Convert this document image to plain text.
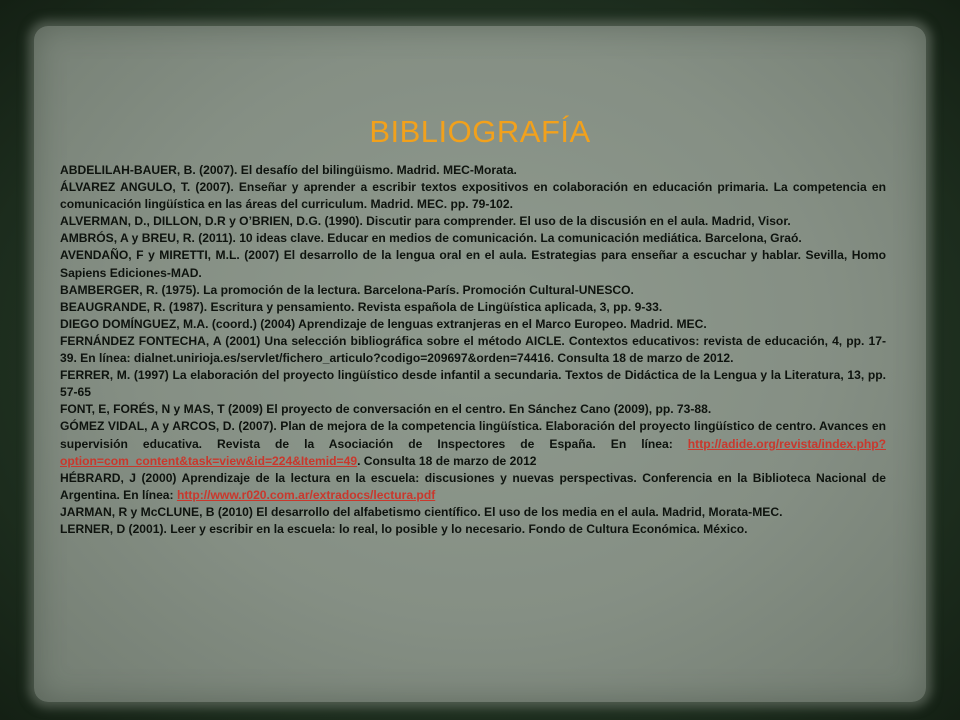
BIBLIOGRAFÍA

ABDELILAH-BAUER, B. (2007). El desafío del bilingüismo. Madrid. MEC-Morata.

ÁLVAREZ ANGULO, T. (2007). Enseñar y aprender a escribir textos expositivos en colaboración en educación primaria. La competencia en comunicación lingüística en las áreas del curriculum. Madrid. MEC. pp. 79-102.

ALVERMAN, D., DILLON, D.R y O’BRIEN, D.G. (1990). Discutir para comprender. El uso de la discusión en el aula. Madrid, Visor.

AMBRÓS, A y BREU, R. (2011). 10 ideas clave. Educar en medios de comunicación. La comunicación mediática. Barcelona, Graó.

AVENDAÑO, F y MIRETTI, M.L. (2007) El desarrollo de la lengua oral en el aula. Estrategias para enseñar a escuchar y hablar. Sevilla, Homo Sapiens Ediciones-MAD.

BAMBERGER, R. (1975). La promoción de la lectura. Barcelona-París. Promoción Cultural-UNESCO.

BEAUGRANDE, R. (1987). Escritura y pensamiento. Revista española de Lingüística aplicada, 3, pp. 9-33.

DIEGO DOMÍNGUEZ, M.A. (coord.) (2004) Aprendizaje de lenguas extranjeras en el Marco Europeo. Madrid. MEC.

FERNÁNDEZ FONTECHA, A (2001) Una selección bibliográfica sobre el método AICLE. Contextos educativos: revista de educación, 4, pp. 17-39. En línea: dialnet.unirioja.es/servlet/fichero_articulo?codigo=209697&orden=74416. Consulta 18 de marzo de 2012.

FERRER, M. (1997) La elaboración del proyecto lingüístico desde infantil a secundaria. Textos de Didáctica de la Lengua y la Literatura, 13, pp. 57-65

FONT, E, FORÉS, N y MAS, T (2009) El proyecto de conversación en el centro. En Sánchez Cano (2009), pp. 73-88.

GÓMEZ VIDAL, A y ARCOS, D. (2007). Plan de mejora de la competencia lingüística. Elaboración del proyecto lingüístico de centro. Avances en supervisión educativa. Revista de la Asociación de Inspectores de España. En línea: http://adide.org/revista/index.php?option=com_content&task=view&id=224&Itemid=49. Consulta 18 de marzo de 2012

HÉBRARD, J (2000) Aprendizaje de la lectura en la escuela: discusiones y nuevas perspectivas. Conferencia en la Biblioteca Nacional de Argentina. En línea: http://www.r020.com.ar/extradocs/lectura.pdf

JARMAN, R y McCLUNE, B (2010) El desarrollo del alfabetismo científico. El uso de los media en el aula. Madrid, Morata-MEC.

LERNER, D (2001). Leer y escribir en la escuela: lo real, lo posible y lo necesario. Fondo de Cultura Económica. México.
